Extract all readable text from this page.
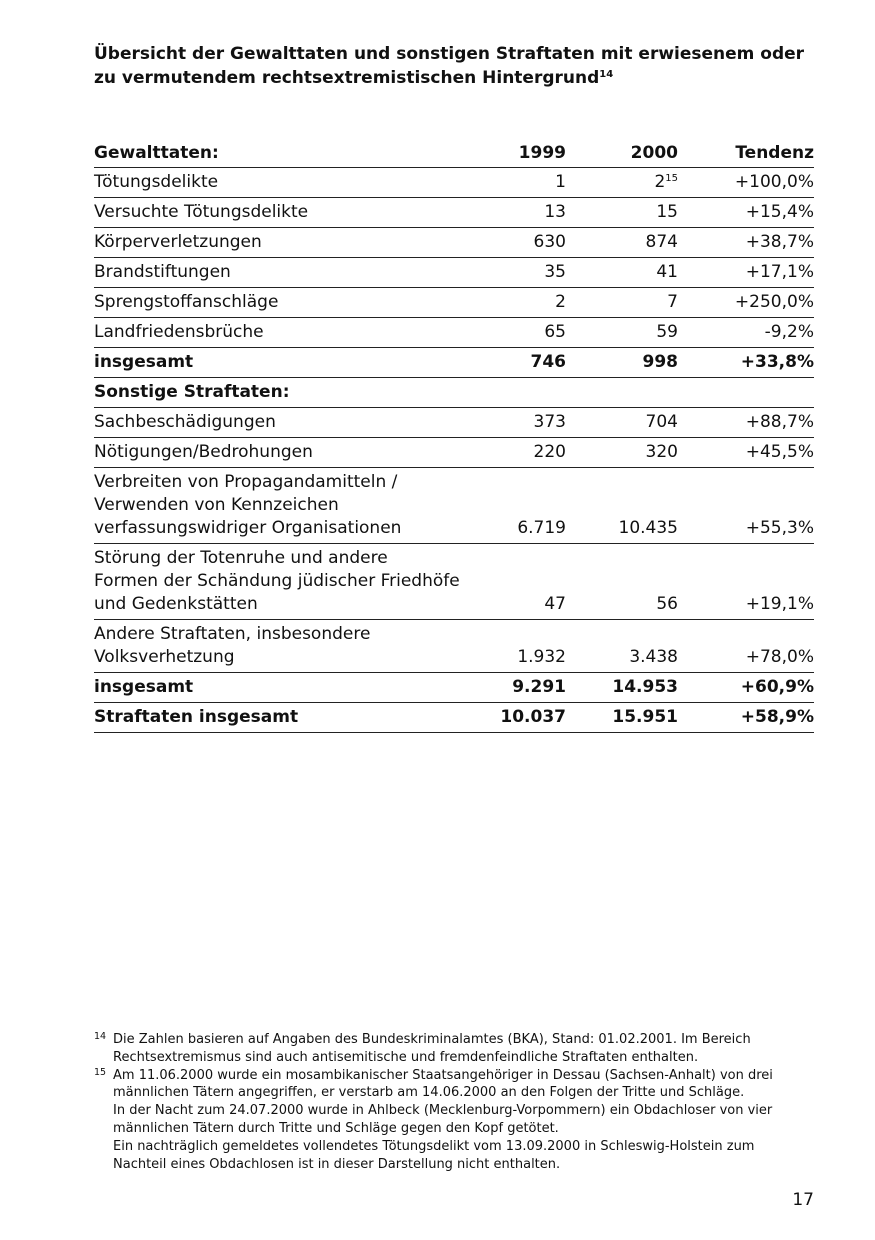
Übersicht der Gewalttaten und sonstigen Straftaten mit erwiesenem oder zu vermutendem rechtsextremistischen Hintergrund$^{14}$
Gewalttaten:	1999	2000	Tendenz

Tötungsdelikte	1	$2^{15}$	+100,0%

Versuchte Tötungsdelikte	13	15	+15,4%

Körperverletzungen	630	874	+38,7%

Brandstiftungen	35	41	+17,1%

Sprengstoffanschläge	2	7	+250,0%

Landfriedensbrüche	65	59	-9,2%
insgesamt	746	998	+33,8%
Sonstige Straftaten:			

Sachbeschädigungen	373	704	+88,7%

Nötigungen/Bedrohungen	220	320	+45,5%

Verbreiten von Propagandamitteln /
Verwenden von Kennzeichen
verfassungswidriger Organisationen	6.719	10.435	+55,3%

Störung der Totenruhe und andere
Formen der Schändung jüdischer Friedhöfe
und Gedenkstätten	47	56	+19,1%

Andere Straftaten, insbesondere
Volksverhetzung	1.932	3.438	+78,0%
insgesamt	9.291	14.953	+60,9%
Straftaten insgesamt	10.037	15.951	+58,9%
14 Die Zahlen basieren auf Angaben des Bundeskriminalamtes (BKA), Stand: 01.02.2001. Im Bereich
Rechtsextremismus sind auch antisemitische und fremdenfeindliche Straftaten enthalten.
15 Am 11.06.2000 wurde ein mosambikanischer Staatsangehöriger in Dessau (Sachsen-Anhalt) von drei
männlichen Tätern angegriffen, er verstarb am 14.06.2000 an den Folgen der Tritte und Schläge.
In der Nacht zum 24.07.2000 wurde in Ahlbeck (Mecklenburg-Vorpommern) ein Obdachloser von vier
männlichen Tätern durch Tritte und Schläge gegen den Kopf getötet.
Ein nachträglich gemeldetes vollendetes Tötungsdelikt vom 13.09.2000 in Schleswig-Holstein zum
Nachteil eines Obdachlosen ist in dieser Darstellung nicht enthalten.
17
